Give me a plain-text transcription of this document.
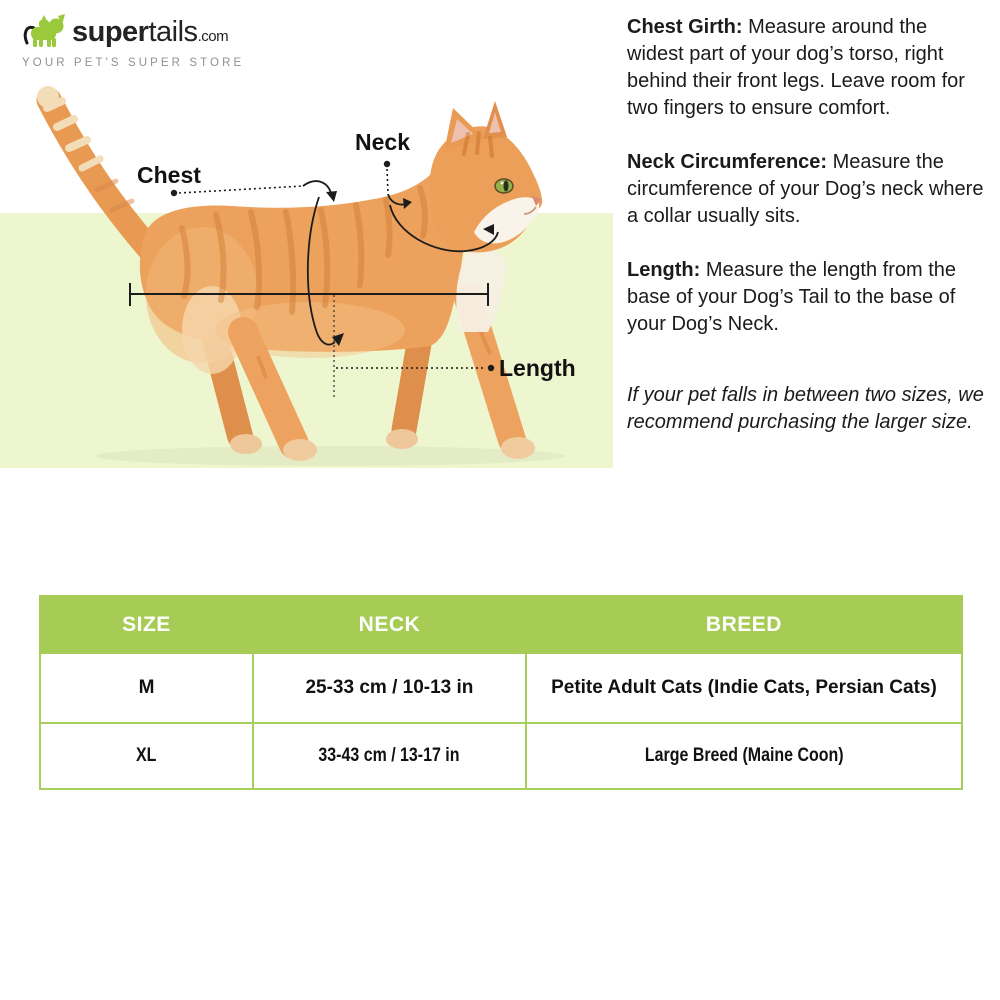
supertails.com
YOUR PET'S SUPER STORE
Chest
Neck
Length

Chest Girth: Measure around the widest part of your dog’s torso, right behind their front legs. Leave room for two fingers to ensure comfort.

Neck Circumference: Measure the circumference of your Dog’s neck where a collar usually sits.

Length: Measure the length from the base of your Dog’s Tail to the base of your Dog’s Neck.

If your pet falls in between two sizes, we recommend purchasing the larger size.

SIZE	NECK	BREED
M	25-33 cm / 10-13 in	Petite Adult Cats (Indie Cats, Persian Cats)
XL	33-43 cm / 13-17 in	Large Breed (Maine Coon)
